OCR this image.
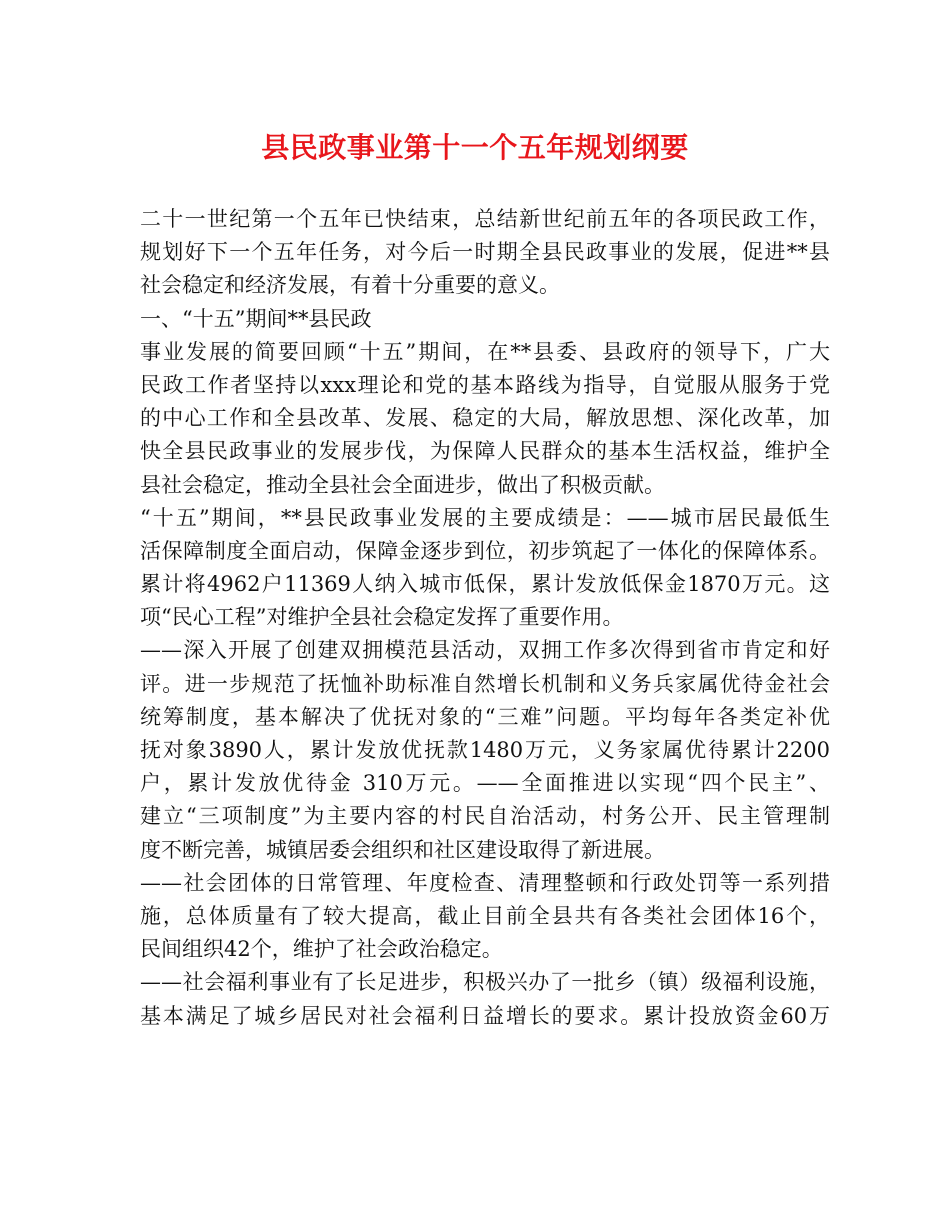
县民政事业第十一个五年规划纲要
二十一世纪第一个五年已快结束，总结新世纪前五年的各项民政工作，
规划好下一个五年任务，对今后一时期全县民政事业的发展，促进**县
社会稳定和经济发展，有着十分重要的意义。
一、“十五”期间**县民政
事业发展的简要回顾“十五”期间，在**县委、县政府的领导下，广大
民政工作者坚持以xxx理论和党的基本路线为指导，自觉服从服务于党
的中心工作和全县改革、发展、稳定的大局，解放思想、深化改革，加
快全县民政事业的发展步伐，为保障人民群众的基本生活权益，维护全
县社会稳定，推动全县社会全面进步，做出了积极贡献。
“十五”期间，**县民政事业发展的主要成绩是：——城市居民最低生
活保障制度全面启动，保障金逐步到位，初步筑起了一体化的保障体系。
累计将4962户11369人纳入城市低保，累计发放低保金1870万元。这
项“民心工程”对维护全县社会稳定发挥了重要作用。
——深入开展了创建双拥模范县活动，双拥工作多次得到省市肯定和好
评。进一步规范了抚恤补助标准自然增长机制和义务兵家属优待金社会
统筹制度，基本解决了优抚对象的“三难”问题。平均每年各类定补优
抚对象3890人，累计发放优抚款1480万元，义务家属优待累计2200
户，累计发放优待金 310万元。——全面推进以实现“四个民主”、
建立“三项制度”为主要内容的村民自治活动，村务公开、民主管理制
度不断完善，城镇居委会组织和社区建设取得了新进展。
——社会团体的日常管理、年度检查、清理整顿和行政处罚等一系列措
施，总体质量有了较大提高，截止目前全县共有各类社会团体16个，
民间组织42个，维护了社会政治稳定。
——社会福利事业有了长足进步，积极兴办了一批乡（镇）级福利设施，
基本满足了城乡居民对社会福利日益增长的要求。累计投放资金60万
